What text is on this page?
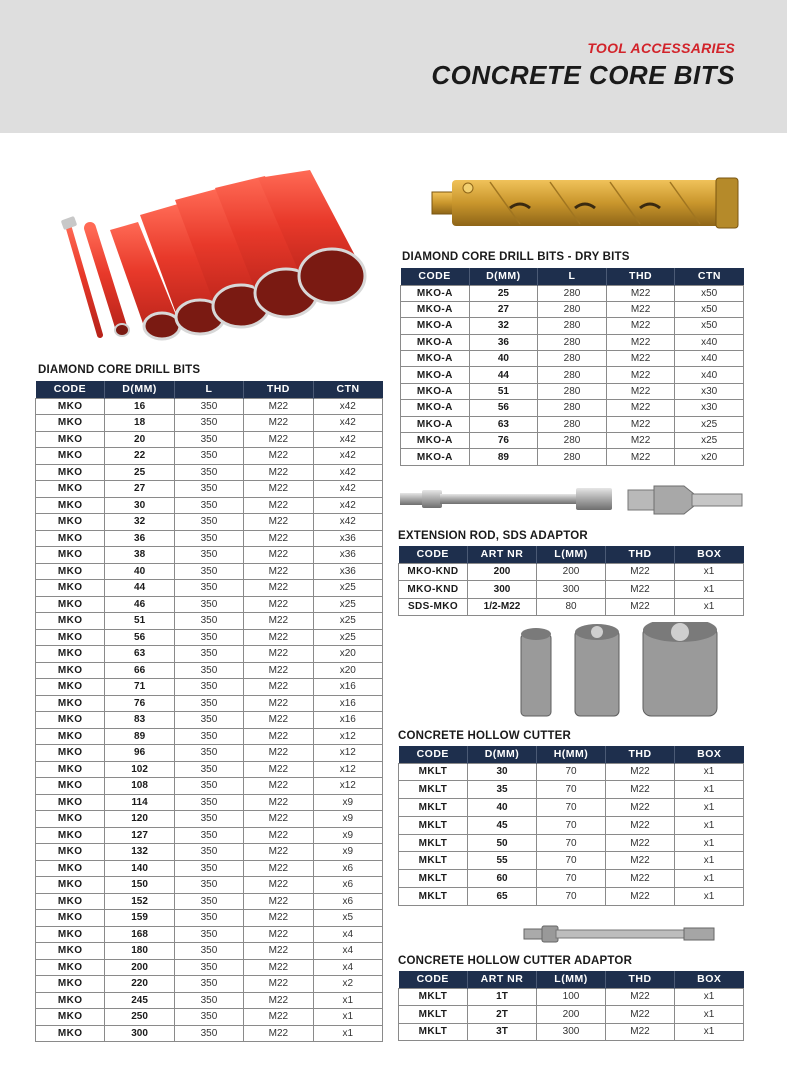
TOOL ACCESSARIES
CONCRETE CORE BITS
DIAMOND CORE DRILL BITS - DRY BITS
CODE	D(MM)	L	THD	CTN
MKO-A	25	280	M22	x50
MKO-A	27	280	M22	x50
MKO-A	32	280	M22	x50
MKO-A	36	280	M22	x40
MKO-A	40	280	M22	x40
MKO-A	44	280	M22	x40
MKO-A	51	280	M22	x30
MKO-A	56	280	M22	x30
MKO-A	63	280	M22	x25
MKO-A	76	280	M22	x25
MKO-A	89	280	M22	x20
DIAMOND CORE DRILL BITS
CODE	D(MM)	L	THD	CTN
MKO	16	350	M22	x42
MKO	18	350	M22	x42
MKO	20	350	M22	x42
MKO	22	350	M22	x42
MKO	25	350	M22	x42
MKO	27	350	M22	x42
MKO	30	350	M22	x42
MKO	32	350	M22	x42
MKO	36	350	M22	x36
MKO	38	350	M22	x36
MKO	40	350	M22	x36
MKO	44	350	M22	x25
MKO	46	350	M22	x25
MKO	51	350	M22	x25
MKO	56	350	M22	x25
MKO	63	350	M22	x20
MKO	66	350	M22	x20
MKO	71	350	M22	x16
MKO	76	350	M22	x16
MKO	83	350	M22	x16
MKO	89	350	M22	x12
MKO	96	350	M22	x12
MKO	102	350	M22	x12
MKO	108	350	M22	x12
MKO	114	350	M22	x9
MKO	120	350	M22	x9
MKO	127	350	M22	x9
MKO	132	350	M22	x9
MKO	140	350	M22	x6
MKO	150	350	M22	x6
MKO	152	350	M22	x6
MKO	159	350	M22	x5
MKO	168	350	M22	x4
MKO	180	350	M22	x4
MKO	200	350	M22	x4
MKO	220	350	M22	x2
MKO	245	350	M22	x1
MKO	250	350	M22	x1
MKO	300	350	M22	x1
EXTENSION ROD, SDS ADAPTOR
CODE	ART NR	L(MM)	THD	BOX
MKO-KND	200	200	M22	x1
MKO-KND	300	300	M22	x1
SDS-MKO	1/2-M22	80	M22	x1
CONCRETE HOLLOW CUTTER
CODE	D(MM)	H(MM)	THD	BOX
MKLT	30	70	M22	x1
MKLT	35	70	M22	x1
MKLT	40	70	M22	x1
MKLT	45	70	M22	x1
MKLT	50	70	M22	x1
MKLT	55	70	M22	x1
MKLT	60	70	M22	x1
MKLT	65	70	M22	x1
CONCRETE HOLLOW CUTTER ADAPTOR
CODE	ART NR	L(MM)	THD	BOX
MKLT	1T	100	M22	x1
MKLT	2T	200	M22	x1
MKLT	3T	300	M22	x1
